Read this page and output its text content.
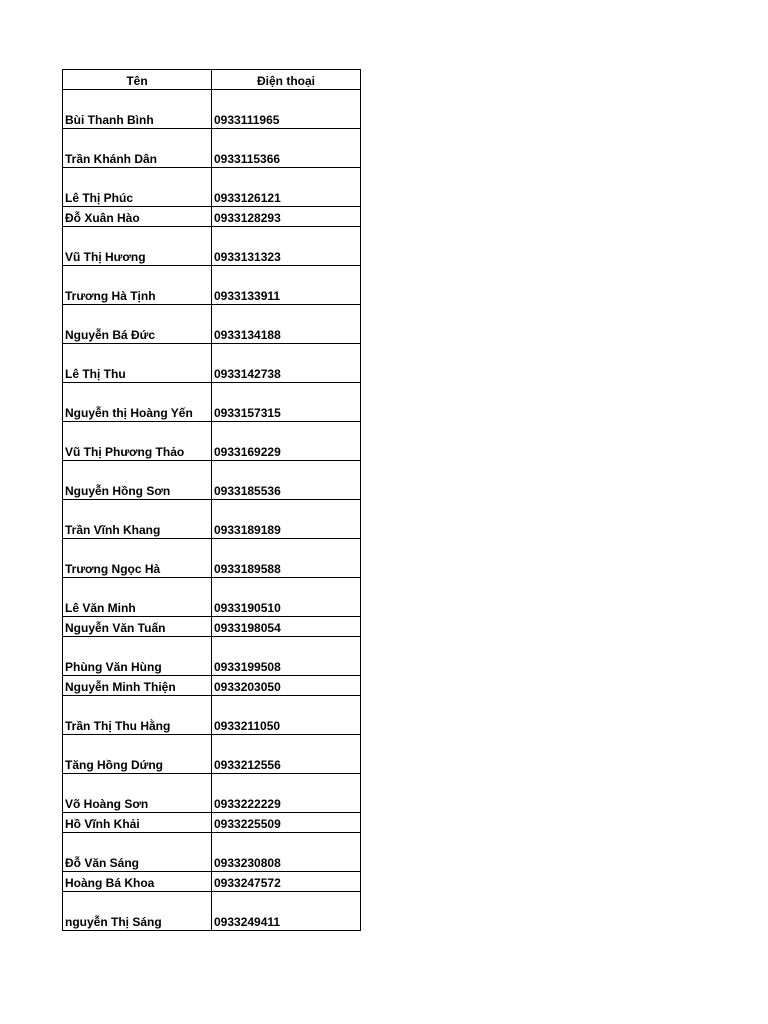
Tên	Điện thoại
Bùi Thanh Bình	0933111965
Trần Khánh Dân	0933115366
Lê Thị Phúc	0933126121
Đỗ Xuân Hào	0933128293
Vũ Thị Hương	0933131323
Trương Hà Tịnh	0933133911
Nguyễn Bá Đức	0933134188
Lê Thị Thu	0933142738
Nguyễn thị Hoàng Yến	0933157315
Vũ Thị Phương Thảo	0933169229
Nguyễn Hồng Sơn	0933185536
Trần Vĩnh Khang	0933189189
Trương Ngọc Hà	0933189588
Lê Văn Minh	0933190510
Nguyễn Văn Tuấn	0933198054
Phùng Văn Hùng	0933199508
Nguyễn Minh Thiện	0933203050
Trần Thị Thu Hằng	0933211050
Tăng Hồng Dứng	0933212556
Võ Hoàng Sơn	0933222229
Hồ Vĩnh Khải	0933225509
Đỗ Văn Sáng	0933230808
Hoàng Bá Khoa	0933247572
nguyễn Thị Sáng	0933249411
